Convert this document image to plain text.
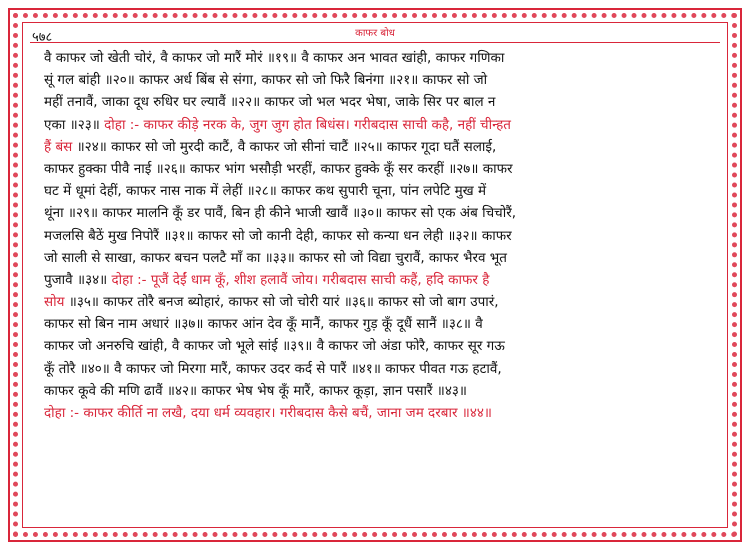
५७८	काफर बोध
वै काफर जो खेती चोरं, वै काफर जो मारैं मोरं ॥१९॥ वै काफर अन भावत खांही, काफर गणिका
सूं गल बांही ॥२०॥ काफर अर्ध बिंब से संगा, काफर सो जो फिरै बिनंगा ॥२१॥ काफर सो जो
महीं तनावैं, जाका दूध रुधिर घर ल्यावैं ॥२२॥ काफर जो भल भदर भेषा, जाके सिर पर बाल न
एका ॥२३॥ दोहा :- काफर कीड़े नरक के, जुग जुग होत बिधंस। गरीबदास साची कहै, नहीं चीन्हत
हैं बंस ॥२४॥ काफर सो जो मुरदी काटैं, वै काफर जो सीनां चाटैं ॥२५॥ काफर गूदा घतैं सलाई,
काफर हुक्का पीवै नाई ॥२६॥ काफर भांग भसौड़ी भरहीं, काफर हुक्के कूँ सर करहीं ॥२७॥ काफर
घट में धूमां देहीं, काफर नास नाक में लेहीं ॥२८॥ काफर कथ सुपारी चूना, पांन लपेटि मुख में
थूंना ॥२९॥ काफर मालनि कूँ डर पावैं, बिन ही कीने भाजी खावैं ॥३०॥ काफर सो एक अंब चिचोरैं,
मजलसि बैठें मुख निपोरैं ॥३१॥ काफर सो जो कानी देही, काफर सो कन्या धन लेही ॥३२॥ काफर
जो साली से साखा, काफर बचन पलटै माँ का ॥३३॥ काफर सो जो विद्या चुरावैं, काफर भैरव भूत
पुजावै ॥३४॥ दोहा :- पूजैं देईं धाम कूँ, शीश हलावैं जोय। गरीबदास साची कहैं, हदि काफर है
सोय ॥३५॥ काफर तोरै बनज ब्योहारं, काफर सो जो चोरी यारं ॥३६॥ काफर सो जो बाग उपारं,
काफर सो बिन नाम अधारं ॥३७॥ काफर आंन देव कूँ मानैं, काफर गुड़ कूँ दूधैं सानैं ॥३८॥ वै
काफर जो अनरुचि खांही, वै काफर जो भूले सांई ॥३९॥ वै काफर जो अंडा फोरै, काफर सूर गऊ
कूँ तोरै ॥४०॥ वै काफर जो मिरगा मारैं, काफर उदर कर्द से पारैं ॥४१॥ काफर पीवत गऊ हटावैं,
काफर कूवे की मणि ढावैं ॥४२॥ काफर भेष भेष कूँ मारैं, काफर कूड़ा, ज्ञान पसारैं ॥४३॥
दोहा :- काफर कीर्ति ना लखै, दया धर्म व्यवहार। गरीबदास कैसे बचैं, जाना जम दरबार ॥४४॥
